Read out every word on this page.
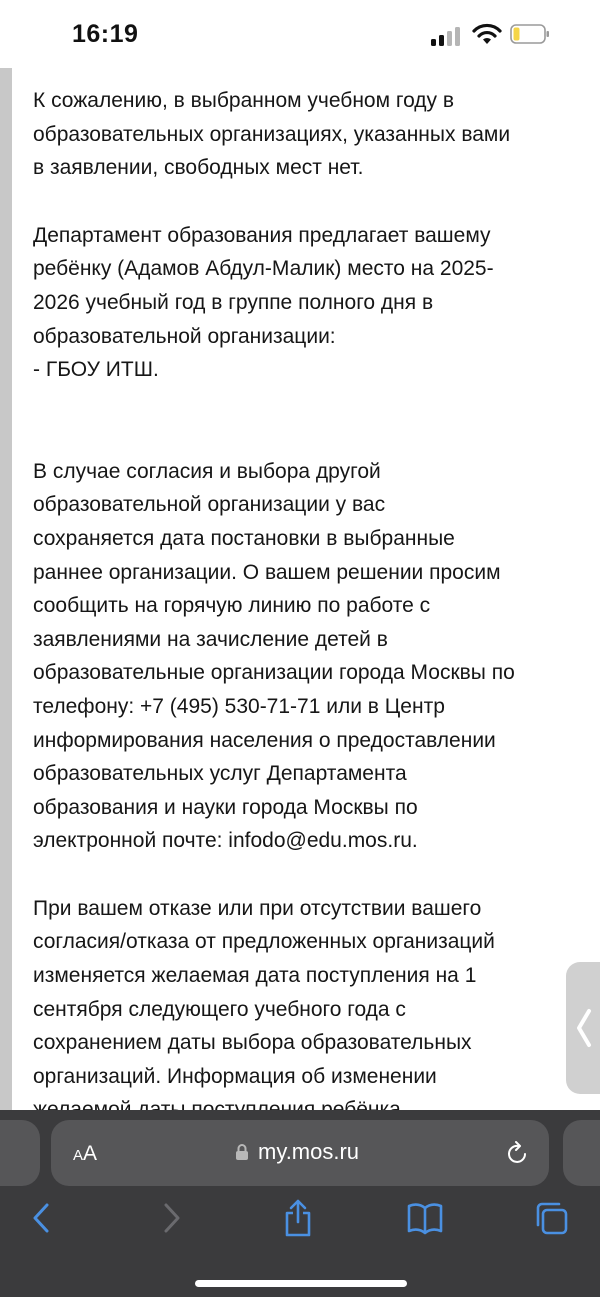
16:19

К сожалению, в выбранном учебном году в
образовательных организациях, указанных вами
в заявлении, свободных мест нет.

Департамент образования предлагает вашему
ребёнку (Адамов Абдул-Малик) место на 2025-
2026 учебный год в группе полного дня в
образовательной организации:
- ГБОУ ИТШ.

В случае согласия и выбора другой
образовательной организации у вас
сохраняется дата постановки в выбранные
раннее организации. О вашем решении просим
сообщить на горячую линию по работе с
заявлениями на зачисление детей в
образовательные организации города Москвы по
телефону: +7 (495) 530-71-71 или в Центр
информирования населения о предоставлении
образовательных услуг Департамента
образования и науки города Москвы по
электронной почте: infodo@edu.mos.ru.

При вашем отказе или при отсутствии вашего
согласия/отказа от предложенных организаций
изменяется желаемая дата поступления на 1
сентября следующего учебного года с
сохранением даты выбора образовательных
организаций. Информация об изменении

AA	my.mos.ru
